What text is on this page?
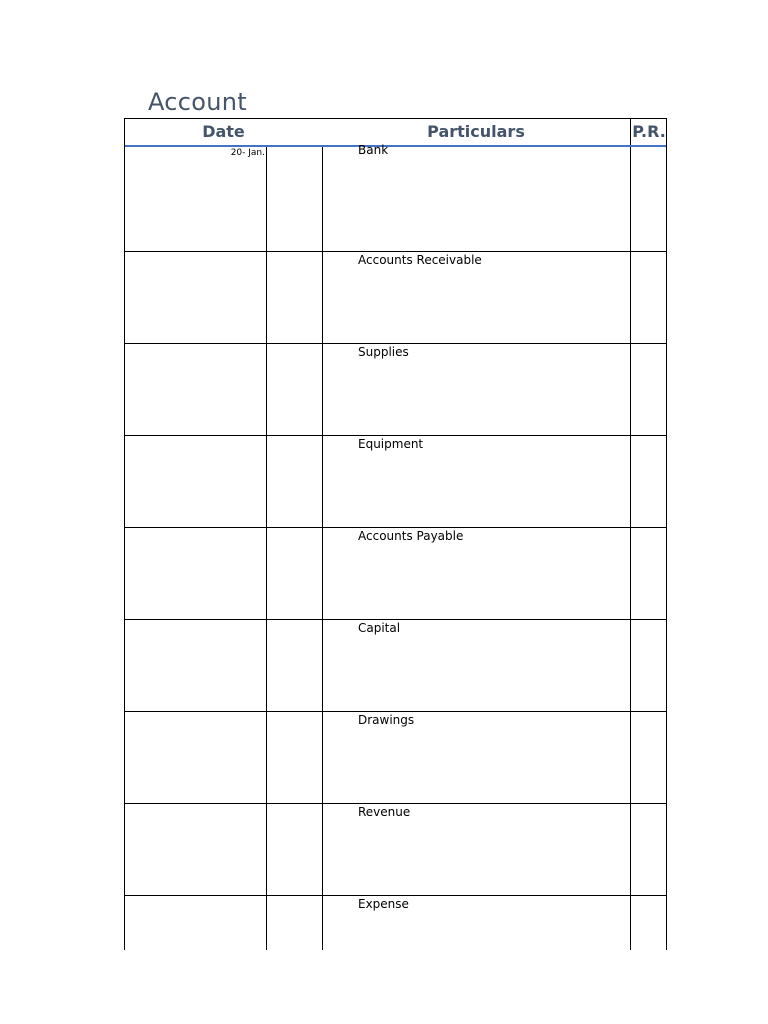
Account
Date	Particulars	P.R.
20- Jan.	Bank
Accounts Receivable
Supplies
Equipment
Accounts Payable
Capital
Drawings
Revenue
Expense
